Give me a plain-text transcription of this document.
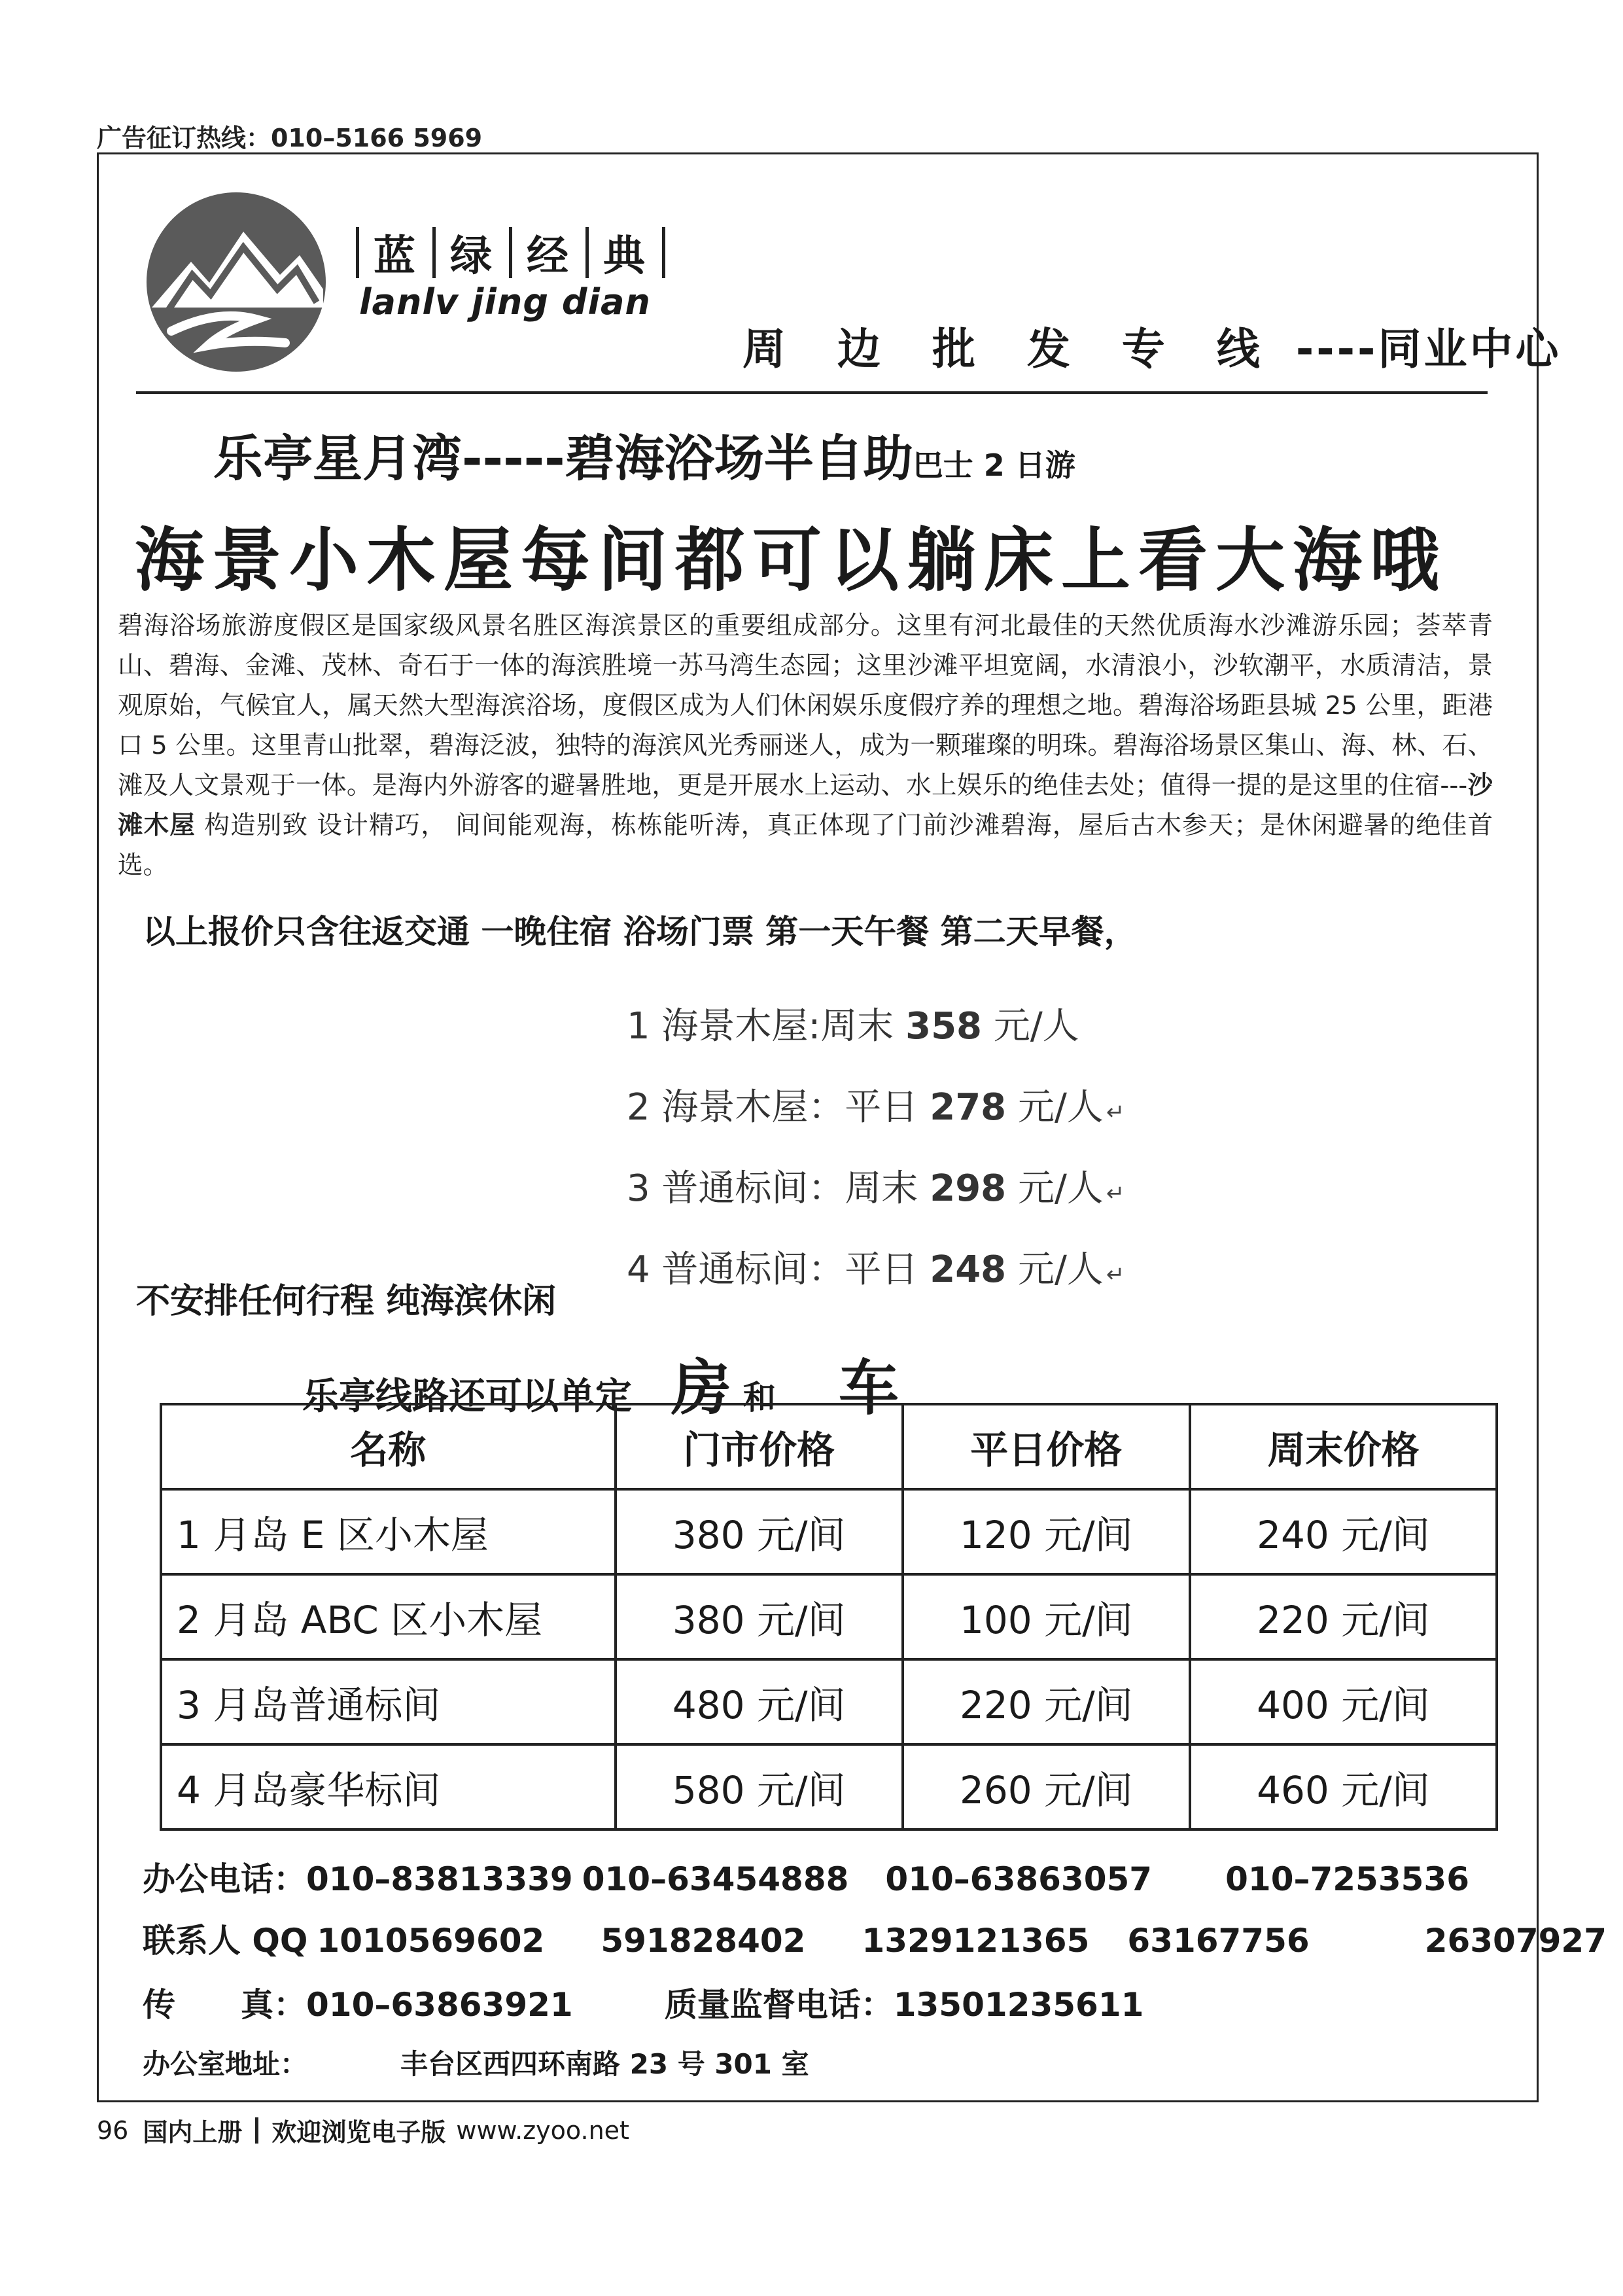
广告征订热线：010–5166 5969
蓝 绿 经 典
lanlv jing dian
周 边 批 发 专 线 ----同业中心
乐亭星月湾-----碧海浴场半自助巴士 2 日游
海景小木屋每间都可以躺床上看大海哦
碧海浴场旅游度假区是国家级风景名胜区海滨景区的重要组成部分。这里有河北最佳的天然优质海水沙滩游乐园；荟萃青山、碧海、金滩、茂林、奇石于一体的海滨胜境一苏马湾生态园；这里沙滩平坦宽阔，水清浪小，沙软潮平，水质清洁，景观原始，气候宜人，属天然大型海滨浴场，度假区成为人们休闲娱乐度假疗养的理想之地。碧海浴场距县城 25 公里，距港口 5 公里。这里青山批翠，碧海泛波，独特的海滨风光秀丽迷人，成为一颗璀璨的明珠。碧海浴场景区集山、海、林、石、滩及人文景观于一体。是海内外游客的避暑胜地，更是开展水上运动、水上娱乐的绝佳去处；值得一提的是这里的住宿---沙滩木屋 构造别致 设计精巧， 间间能观海，栋栋能听涛，真正体现了门前沙滩碧海，屋后古木参天；是休闲避暑的绝佳首选。
以上报价只含往返交通 一晚住宿 浴场门票 第一天午餐 第二天早餐，
1 海景木屋:周末 358 元/人
2 海景木屋：平日 278 元/人 ↵
3 普通标间：周末 298 元/人 ↵
4 普通标间：平日 248 元/人 ↵
不安排任何行程 纯海滨休闲
乐亭线路还可以单定 房 和 车
名称	门市价格	平日价格	周末价格
1 月岛 E 区小木屋	380 元/间	120 元/间	240 元/间
2 月岛 ABC 区小木屋	380 元/间	100 元/间	220 元/间
3 月岛普通标间	480 元/间	220 元/间	400 元/间
4 月岛豪华标间	580 元/间	260 元/间	460 元/间
办公电话：010–83813339 010–63454888 010–63863057 010–7253536
联系人 QQ 1010569602 591828402 1329121365 63167756	26307927
传　　真：010–63863921	质量监督电话：13501235611
办公室地址：	丰台区西四环南路 23 号 301 室
96 国内上册 欢迎浏览电子版 www.zyoo.net
